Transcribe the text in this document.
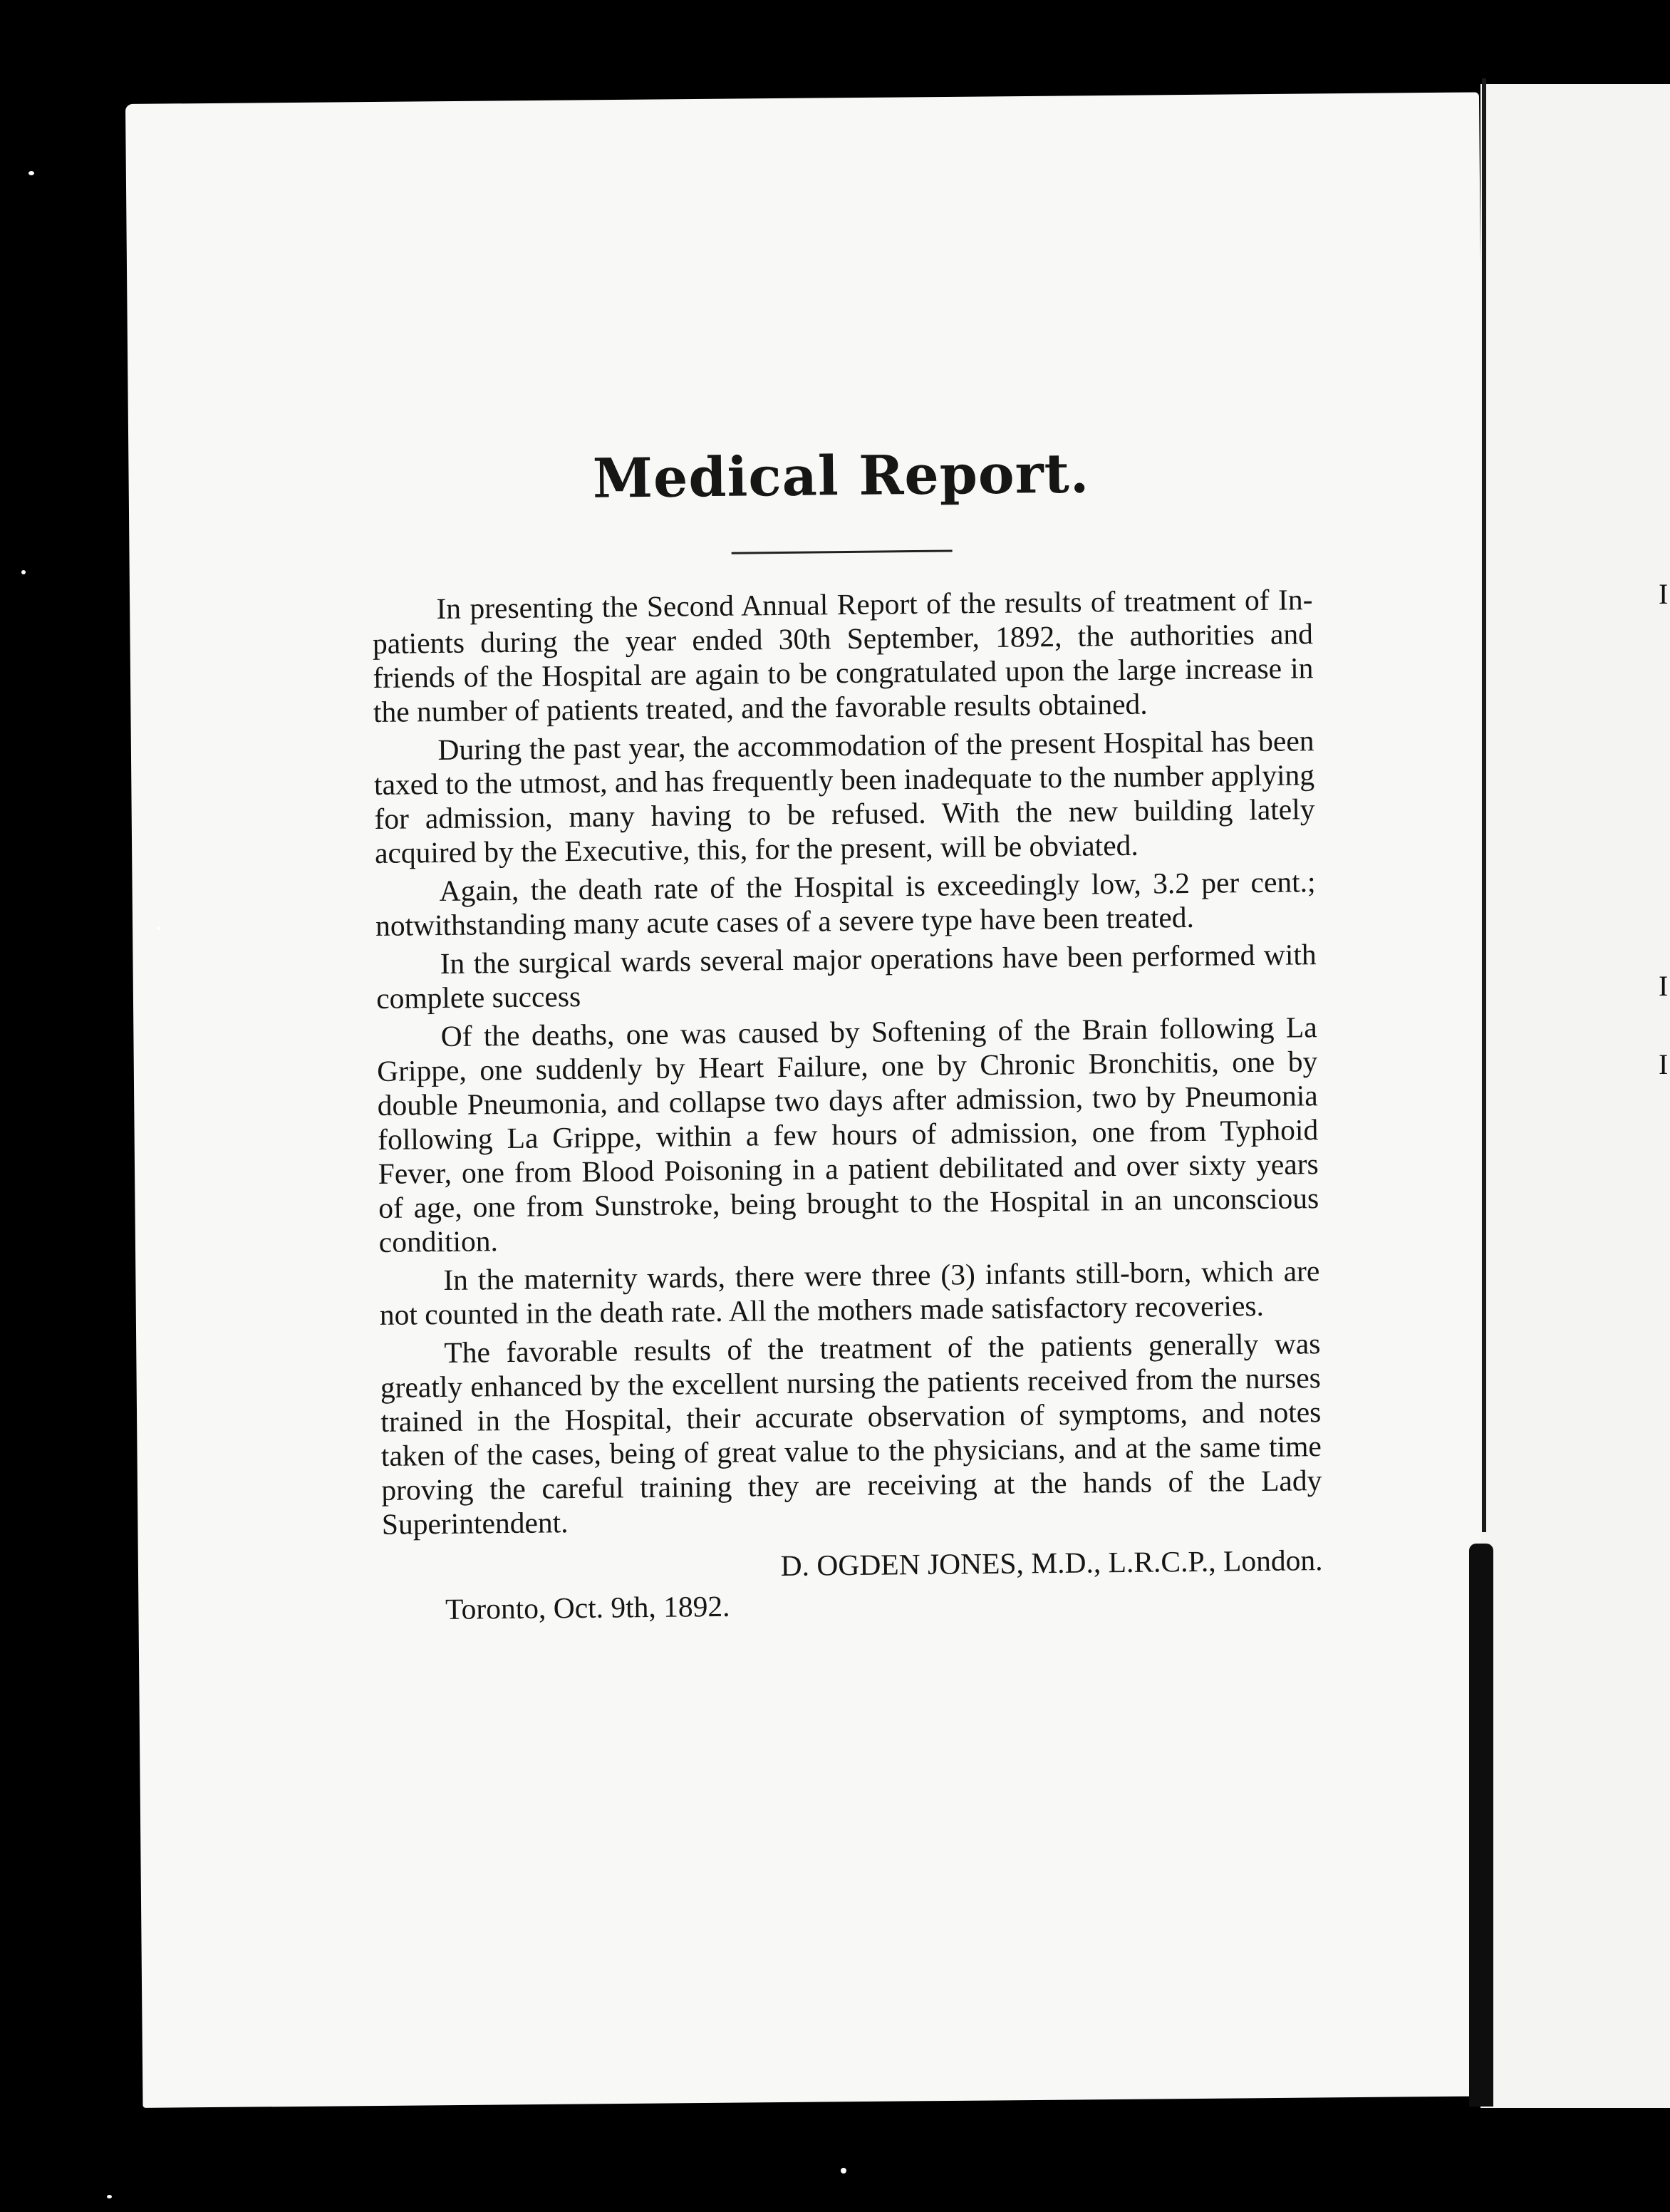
I
I
I
Medical Report.

In presenting the Second Annual Report of the results of treatment of In-patients during the year ended 30th September, 1892, the authorities and friends of the Hospital are again to be congratulated upon the large increase in the number of patients treated, and the favorable results obtained.

During the past year, the accommodation of the present Hospital has been taxed to the utmost, and has frequently been inadequate to the number applying for admission, many having to be refused. With the new building lately acquired by the Executive, this, for the present, will be obviated.

Again, the death rate of the Hospital is exceedingly low, 3.2 per cent.; notwithstanding many acute cases of a severe type have been treated.

In the surgical wards several major operations have been performed with complete success

Of the deaths, one was caused by Softening of the Brain following La Grippe, one suddenly by Heart Failure, one by Chronic Bronchitis, one by double Pneumonia, and collapse two days after admission, two by Pneumonia following La Grippe, within a few hours of admission, one from Typhoid Fever, one from Blood Poisoning in a patient debilitated and over sixty years of age, one from Sunstroke, being brought to the Hospital in an unconscious condition.

In the maternity wards, there were three (3) infants still-born, which are not counted in the death rate. All the mothers made satisfactory recoveries.

The favorable results of the treatment of the patients generally was greatly enhanced by the excellent nursing the patients received from the nurses trained in the Hospital, their accurate observation of symptoms, and notes taken of the cases, being of great value to the physicians, and at the same time proving the careful training they are receiving at the hands of the Lady Superintendent.

D. OGDEN JONES, M.D., L.R.C.P., London.
Toronto, Oct. 9th, 1892.
